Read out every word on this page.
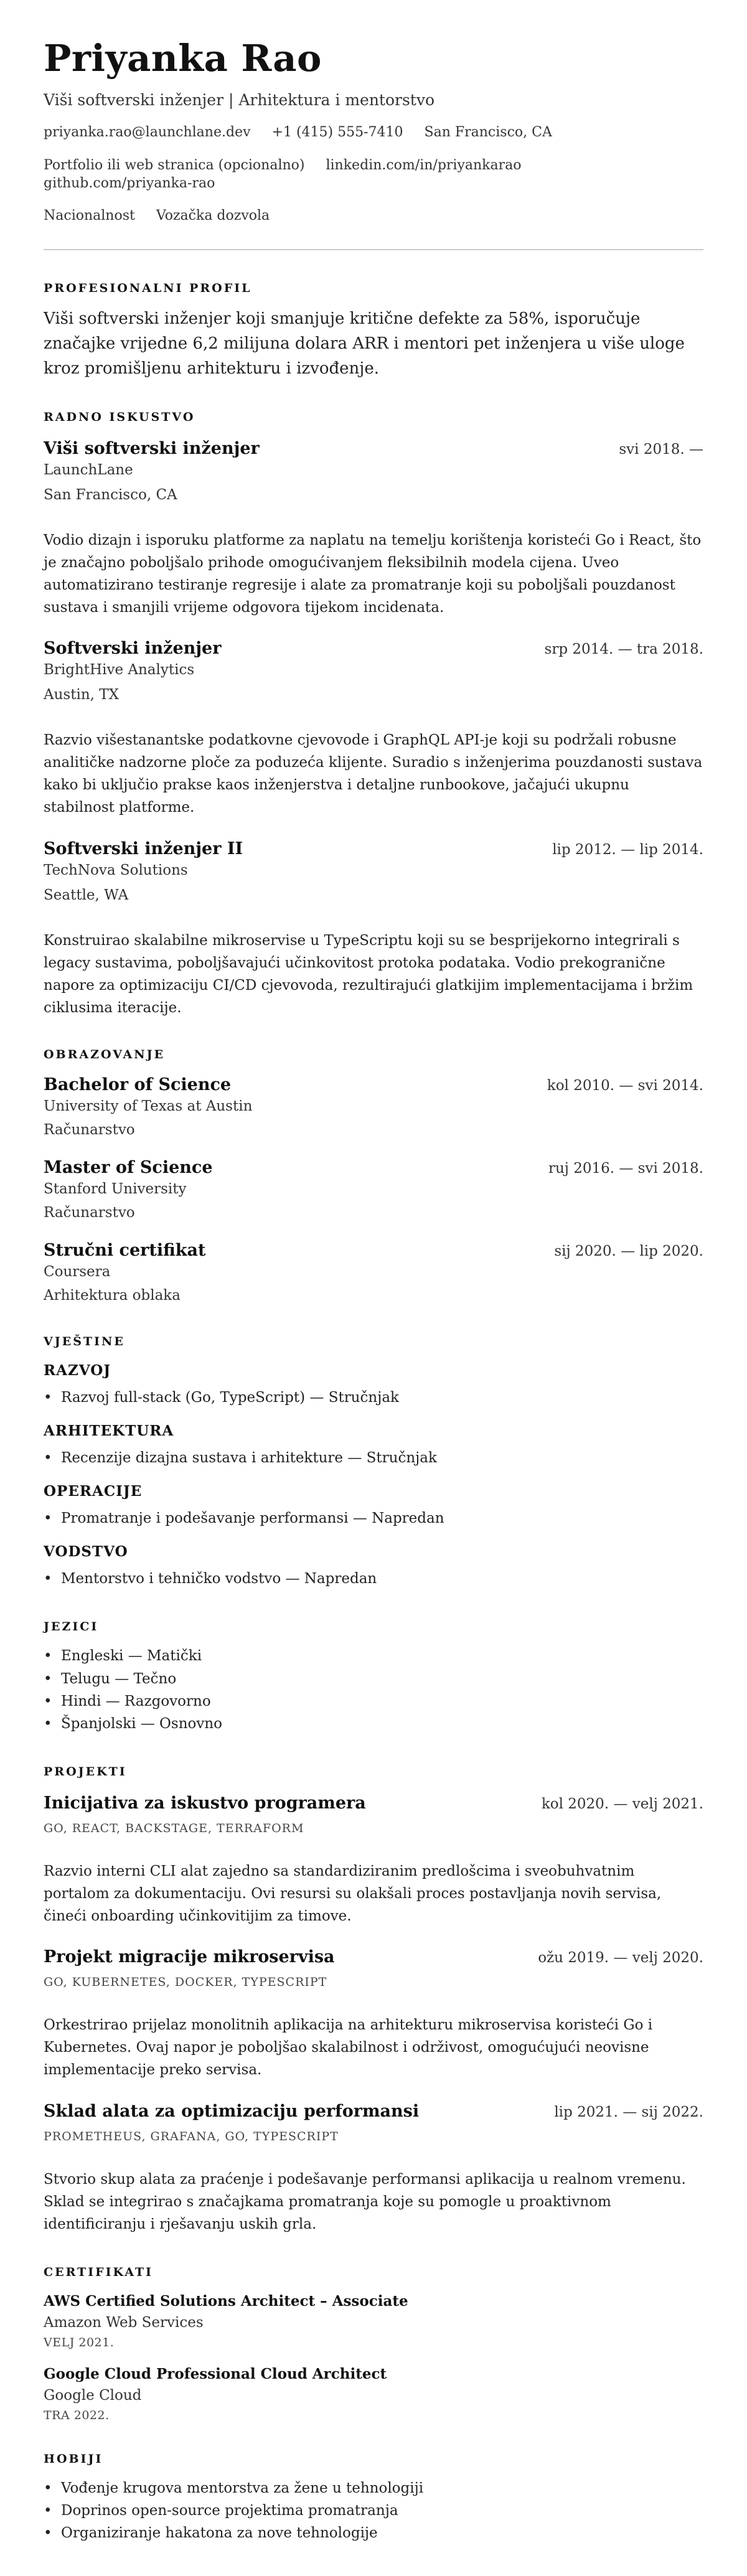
Priyanka Rao
Viši softverski inženjer | Arhitektura i mentorstvo
priyanka.rao@launchlane.dev +1 (415) 555-7410 San Francisco, CA
Portfolio ili web stranica (opcionalno) linkedin.com/in/priyankarao
github.com/priyanka-rao
Nacionalnost Vozačka dozvola
PROFESIONALNI PROFIL
Viši softverski inženjer koji smanjuje kritične defekte za 58%, isporučuje značajke vrijedne 6,2 milijuna dolara ARR i mentori pet inženjera u više uloge kroz promišljenu arhitekturu i izvođenje.
RADNO ISKUSTVO
Viši softverski inženjer	svi 2018. —
LaunchLane
San Francisco, CA
Vodio dizajn i isporuku platforme za naplatu na temelju korištenja koristeći Go i React, što je značajno poboljšalo prihode omogućivanjem fleksibilnih modela cijena. Uveo automatizirano testiranje regresije i alate za promatranje koji su poboljšali pouzdanost sustava i smanjili vrijeme odgovora tijekom incidenata.
Softverski inženjer	srp 2014. — tra 2018.
BrightHive Analytics
Austin, TX
Razvio višestanantske podatkovne cjevovode i GraphQL API-je koji su podržali robusne analitičke nadzorne ploče za poduzeća klijente. Suradio s inženjerima pouzdanosti sustava kako bi uključio prakse kaos inženjerstva i detaljne runbookove, jačajući ukupnu stabilnost platforme.
Softverski inženjer II	lip 2012. — lip 2014.
TechNova Solutions
Seattle, WA
Konstruirao skalabilne mikroservise u TypeScriptu koji su se besprijekorno integrirali s legacy sustavima, poboljšavajući učinkovitost protoka podataka. Vodio prekogranične napore za optimizaciju CI/CD cjevovoda, rezultirajući glatkijim implementacijama i bržim ciklusima iteracije.
OBRAZOVANJE
Bachelor of Science	kol 2010. — svi 2014.
University of Texas at Austin
Računarstvo
Master of Science	ruj 2016. — svi 2018.
Stanford University
Računarstvo
Stručni certifikat	sij 2020. — lip 2020.
Coursera
Arhitektura oblaka
VJEŠTINE
RAZVOJ
• Razvoj full-stack (Go, TypeScript) — Stručnjak
ARHITEKTURA
• Recenzije dizajna sustava i arhitekture — Stručnjak
OPERACIJE
• Promatranje i podešavanje performansi — Napredan
VODSTVO
• Mentorstvo i tehničko vodstvo — Napredan
JEZICI
• Engleski — Matički
• Telugu — Tečno
• Hindi — Razgovorno
• Španjolski — Osnovno
PROJEKTI
Inicijativa za iskustvo programera	kol 2020. — velj 2021.
GO, REACT, BACKSTAGE, TERRAFORM
Razvio interni CLI alat zajedno sa standardiziranim predlošcima i sveobuhvatnim portalom za dokumentaciju. Ovi resursi su olakšali proces postavljanja novih servisa, čineći onboarding učinkovitijim za timove.
Projekt migracije mikroservisa	ožu 2019. — velj 2020.
GO, KUBERNETES, DOCKER, TYPESCRIPT
Orkestrirao prijelaz monolitnih aplikacija na arhitekturu mikroservisa koristeći Go i Kubernetes. Ovaj napor je poboljšao skalabilnost i održivost, omogućujući neovisne implementacije preko servisa.
Sklad alata za optimizaciju performansi	lip 2021. — sij 2022.
PROMETHEUS, GRAFANA, GO, TYPESCRIPT
Stvorio skup alata za praćenje i podešavanje performansi aplikacija u realnom vremenu. Sklad se integrirao s značajkama promatranja koje su pomogle u proaktivnom identificiranju i rješavanju uskih grla.
CERTIFIKATI
AWS Certified Solutions Architect – Associate
Amazon Web Services
VELJ 2021.
Google Cloud Professional Cloud Architect
Google Cloud
TRA 2022.
HOBIJI
• Vođenje krugova mentorstva za žene u tehnologiji
• Doprinos open-source projektima promatranja
• Organiziranje hakatona za nove tehnologije
